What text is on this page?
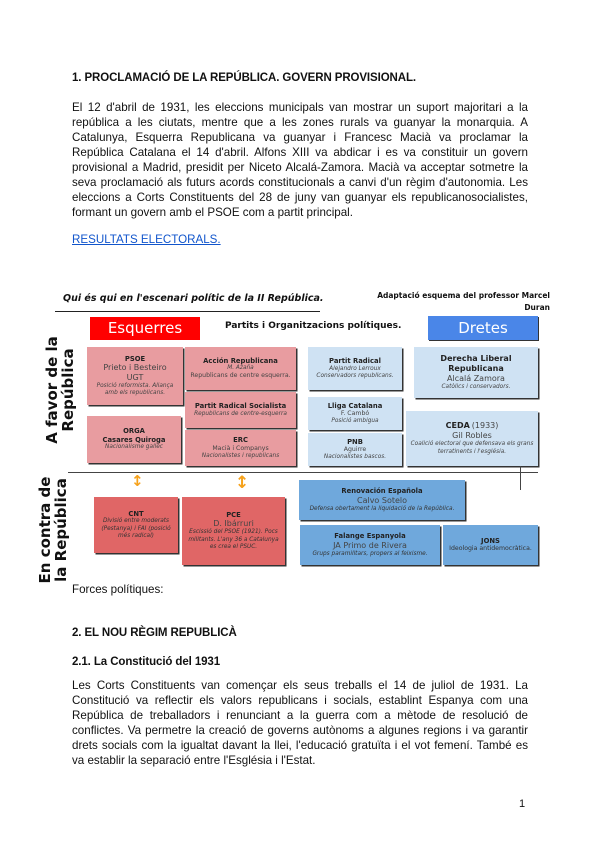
1. PROCLAMACIÓ DE LA REPÚBLICA. GOVERN PROVISIONAL.

El 12 d'abril de 1931, les eleccions municipals van mostrar un suport majoritari a la república a les ciutats, mentre que a les zones rurals va guanyar la monarquia. A Catalunya, Esquerra Republicana va guanyar i Francesc Macià va proclamar la República Catalana el 14 d'abril. Alfons XIII va abdicar i es va constituir un govern provisional a Madrid, presidit per Niceto Alcalá-Zamora. Macià va acceptar sotmetre la seva proclamació als futurs acords constitucionals a canvi d'un règim d'autonomia. Les eleccions a Corts Constituents del 28 de juny van guanyar els republicanosocialistes, formant un govern amb el PSOE com a partit principal.

RESULTATS ELECTORALS.
Qui és qui en l'escenari polític de la II República.	Adaptació esquema del professor Marcel
Duran
Esquerres	Partits i Organitzacions polítiques.	Dretes
A favor de la República
En contra de la República
PSOE
Prieto i Besteiro
UGT
Posició reformista. Aliança amb els republicans.
ORGA
Casares Quiroga
Nacionalisme gallec
Acción Republicana
M. Azaña
Republicans de centre esquerra.
Partit Radical Socialista
Republicans de centre-esquerra
ERC
Macià i Companys
Nacionalistes i republicans
Partit Radical
Alejandro Lerroux
Conservadors republicans.
Lliga Catalana
F. Cambó
Posició ambigua
PNB
Aguirre
Nacionalistes bascos.
Derecha Liberal Republicana
Alcalá Zamora
Catòlics i conservadors.
CEDA (1933)
Gil Robles
Coalició electoral que defensava els grans terratinents i l'església.
↕	↕
CNT
Divisió entre moderats (Pestanya) i FAI (posició més radical)
PCE
D. Ibárruri
Escissió del PSOE (1921). Pocs militants. L'any 36 a Catalunya es crea el PSUC.
Renovación Española
Calvo Sotelo
Defensa obertament la liquidació de la República.
Falange Espanyola
JA Primo de Rivera
Grups paramilitars, propers al feixisme.
JONS
Ideologia antidemocràtica.
Forces polítiques:
2. EL NOU RÈGIM REPUBLICÀ
2.1. La Constitució del 1931

Les Corts Constituents van començar els seus treballs el 14 de juliol de 1931. La Constitució va reflectir els valors republicans i socials, establint Espanya com una República de treballadors i renunciant a la guerra com a mètode de resolució de conflictes. Va permetre la creació de governs autònoms a algunes regions i va garantir drets socials com la igualtat davant la llei, l'educació gratuïta i el vot femení. També es va establir la separació entre l'Església i l'Estat.

1
